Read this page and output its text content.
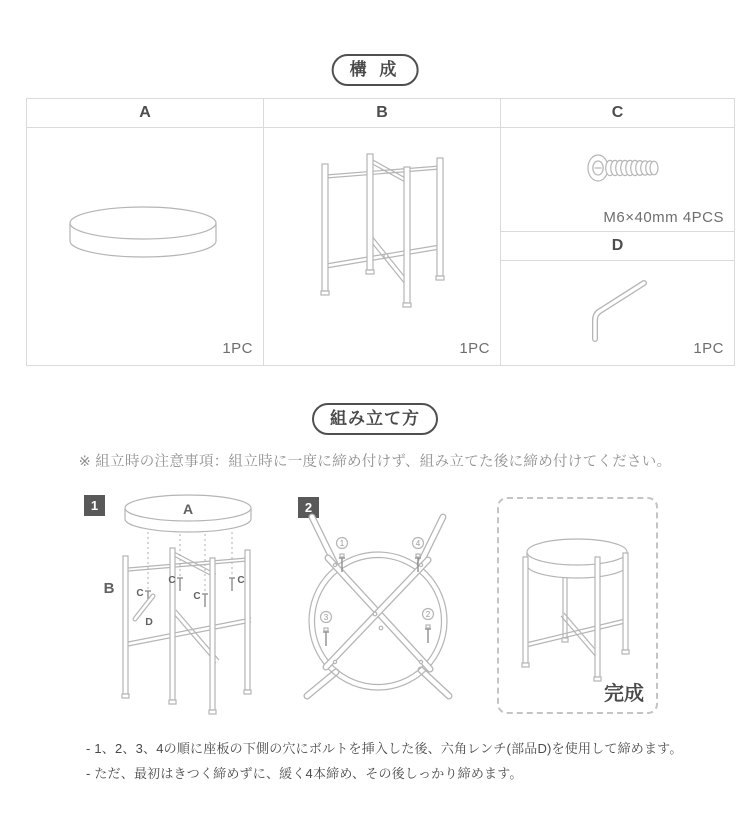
構 成
A
1PC
B
1PC
C
M6×40mm 4PCS
D
1PC
組み立て方
※ 組立時の注意事項：組立時に一度に締め付けず、組み立てた後に締め付けてください。
1	A
B C
C
C
C
D
2
1	4
3	2
完成
- 1、2、3、4の順に座板の下側の穴にボルトを挿入した後、六角レンチ(部品D)を使用して締めます。
- ただ、最初はきつく締めずに、緩く4本締め、その後しっかり締めます。
